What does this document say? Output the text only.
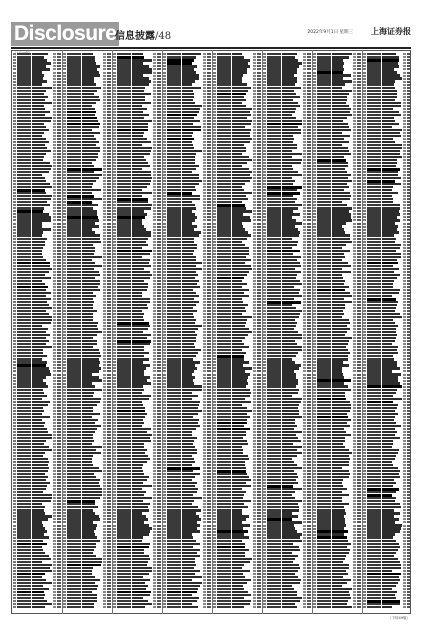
Disclosure
信息披露/48	2022年9月1日 星期三 上海证券报
（下转49版）
